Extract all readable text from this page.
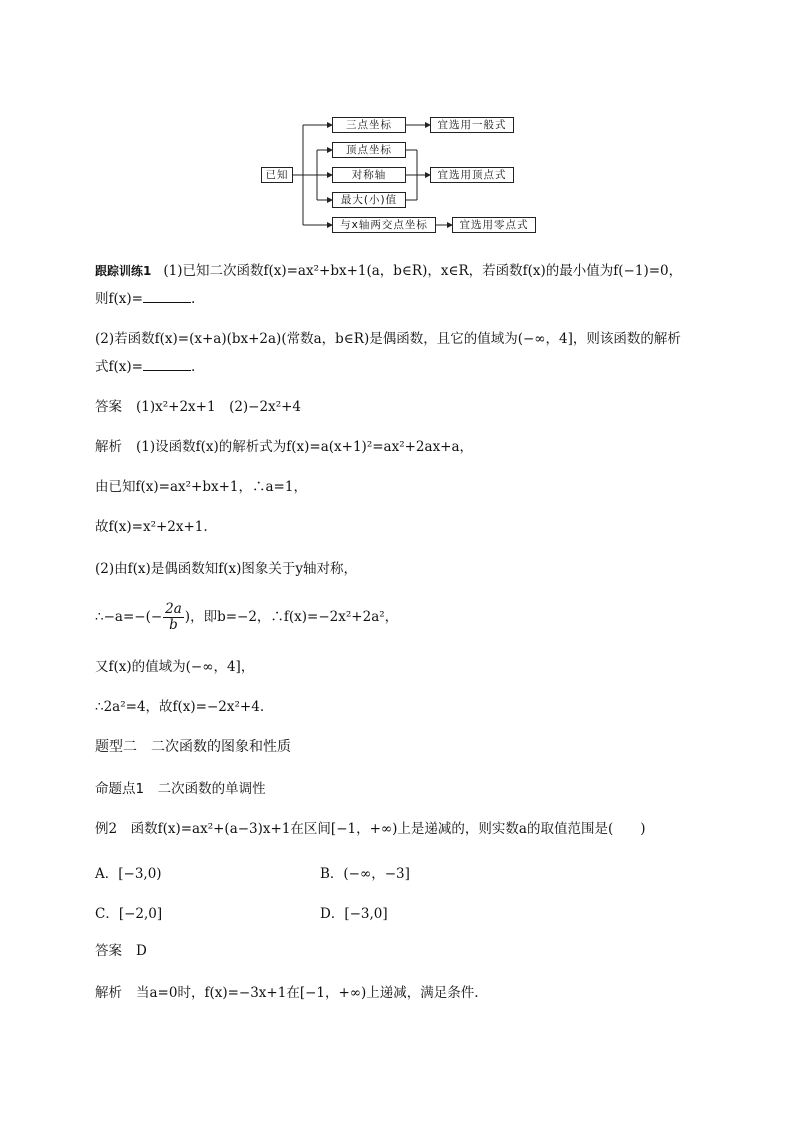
已知
三点坐标
顶点坐标
对称轴
最大(小)值
与x轴两交点坐标
宜选用一般式
宜选用顶点式
宜选用零点式
跟踪训练1 (1)已知二次函数f(x)=ax²+bx+1(a，b∈R)，x∈R，若函数f(x)的最小值为f(−1)=0，
则f(x)=	.
(2)若函数f(x)=(x+a)(bx+2a)(常数a，b∈R)是偶函数，且它的值域为(−∞，4]，则该函数的解析
式f(x)=	.
答案 (1)x²+2x+1　(2)−2x²+4
解析 (1)设函数f(x)的解析式为f(x)=a(x+1)²=ax²+2ax+a，
由已知f(x)=ax²+bx+1，∴a=1，
故f(x)=x²+2x+1.
(2)由f(x)是偶函数知f(x)图象关于y轴对称，
∴−a=−(− $\frac{2a}{b}$ )，即b=−2，∴f(x)=−2x²+2a²，
又f(x)的值域为(−∞，4]，
∴2a²=4，故f(x)=−2x²+4.
题型二　二次函数的图象和性质
命题点1　二次函数的单调性
例2　函数f(x)=ax²+(a−3)x+1在区间[−1，+∞)上是递减的，则实数a的取值范围是(　　)
A．[−3,0)	B．(−∞，−3]
C．[−2,0]	D．[−3,0]
答案 D
解析 当a=0时，f(x)=−3x+1在[−1，+∞)上递减，满足条件.
